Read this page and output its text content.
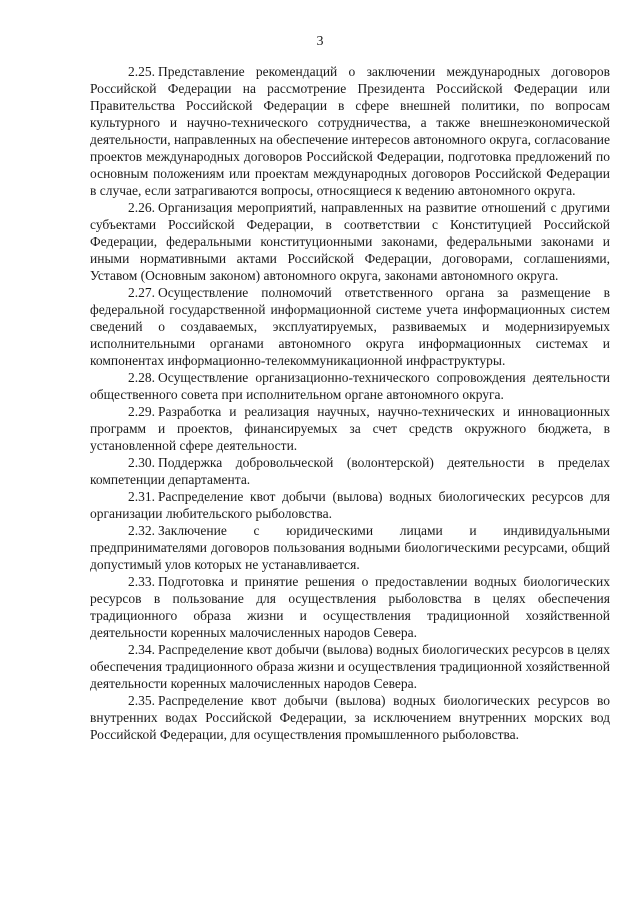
3

2.25. Представление рекомендаций о заключении международных договоров Российской Федерации на рассмотрение Президента Российской Федерации или Правительства Российской Федерации в сфере внешней политики, по вопросам культурного и научно-технического сотрудничества, а также внешнеэкономической деятельности, направленных на обеспечение интересов автономного округа, согласование проектов международных договоров Российской Федерации, подготовка предложений по основным положениям или проектам международных договоров Российской Федерации в случае, если затрагиваются вопросы, относящиеся к ведению автономного округа.

2.26. Организация мероприятий, направленных на развитие отношений с другими субъектами Российской Федерации, в соответствии с Конституцией Российской Федерации, федеральными конституционными законами, федеральными законами и иными нормативными актами Российской Федерации, договорами, соглашениями, Уставом (Основным законом) автономного округа, законами автономного округа.

2.27. Осуществление полномочий ответственного органа за размещение в федеральной государственной информационной системе учета информационных систем сведений о создаваемых, эксплуатируемых, развиваемых и модернизируемых исполнительными органами автономного округа информационных системах и компонентах информационно-телекоммуникационной инфраструктуры.

2.28. Осуществление организационно-технического сопровождения деятельности общественного совета при исполнительном органе автономного округа.

2.29. Разработка и реализация научных, научно-технических и инновационных программ и проектов, финансируемых за счет средств окружного бюджета, в установленной сфере деятельности.

2.30. Поддержка добровольческой (волонтерской) деятельности в пределах компетенции департамента.

2.31. Распределение квот добычи (вылова) водных биологических ресурсов для организации любительского рыболовства.

2.32. Заключение с юридическими лицами и индивидуальными предпринимателями договоров пользования водными биологическими ресурсами, общий допустимый улов которых не устанавливается.

2.33. Подготовка и принятие решения о предоставлении водных биологических ресурсов в пользование для осуществления рыболовства в целях обеспечения традиционного образа жизни и осуществления традиционной хозяйственной деятельности коренных малочисленных народов Севера.

2.34. Распределение квот добычи (вылова) водных биологических ресурсов в целях обеспечения традиционного образа жизни и осуществления традиционной хозяйственной деятельности коренных малочисленных народов Севера.

2.35. Распределение квот добычи (вылова) водных биологических ресурсов во внутренних водах Российской Федерации, за исключением внутренних морских вод Российской Федерации, для осуществления промышленного рыболовства.
